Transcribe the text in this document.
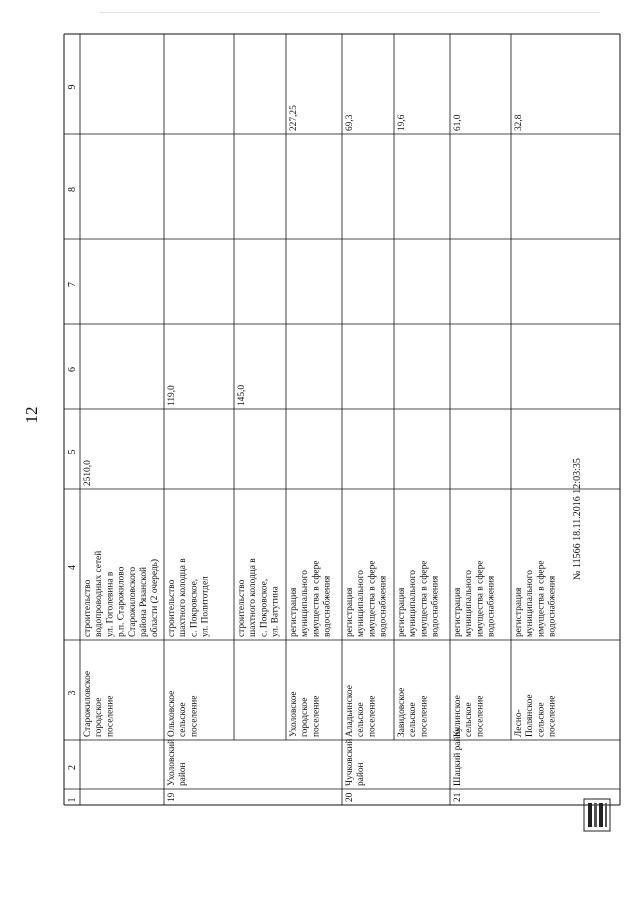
12
1
2
3
4
5
6
7
8
9
Старожиловское городское поселение
строительство водопроводных сетей ул. Гоголевина в р.п. Старожилово Старожиловского района Рязанской области (2 очередь)
2510,0
19
Ухоловский район
Ольховское сельское поселение
строительство шахтного колодца в с. Покровское, ул. Политотдел
119,0
строительство шахтного колодца в с. Покровское, ул. Ватутина
145,0
Ухоловское городское поселение
регистрация муниципального имущества в сфере водоснабжения
227,25
20
Чучковский район
Аладьинское сельское поселение
регистрация муниципального имущества в сфере водоснабжения
69,3
Завидовское сельское поселение
регистрация муниципального имущества в сфере водоснабжения
19,6
21
Шацкий район
Кулинское сельское поселение
регистрация муниципального имущества в сфере водоснабжения
61,0
Лесно- Полянское сельское поселение
регистрация муниципального имущества в сфере водоснабжения
32,8
№ 11566 18.11.2016 12:03:35
